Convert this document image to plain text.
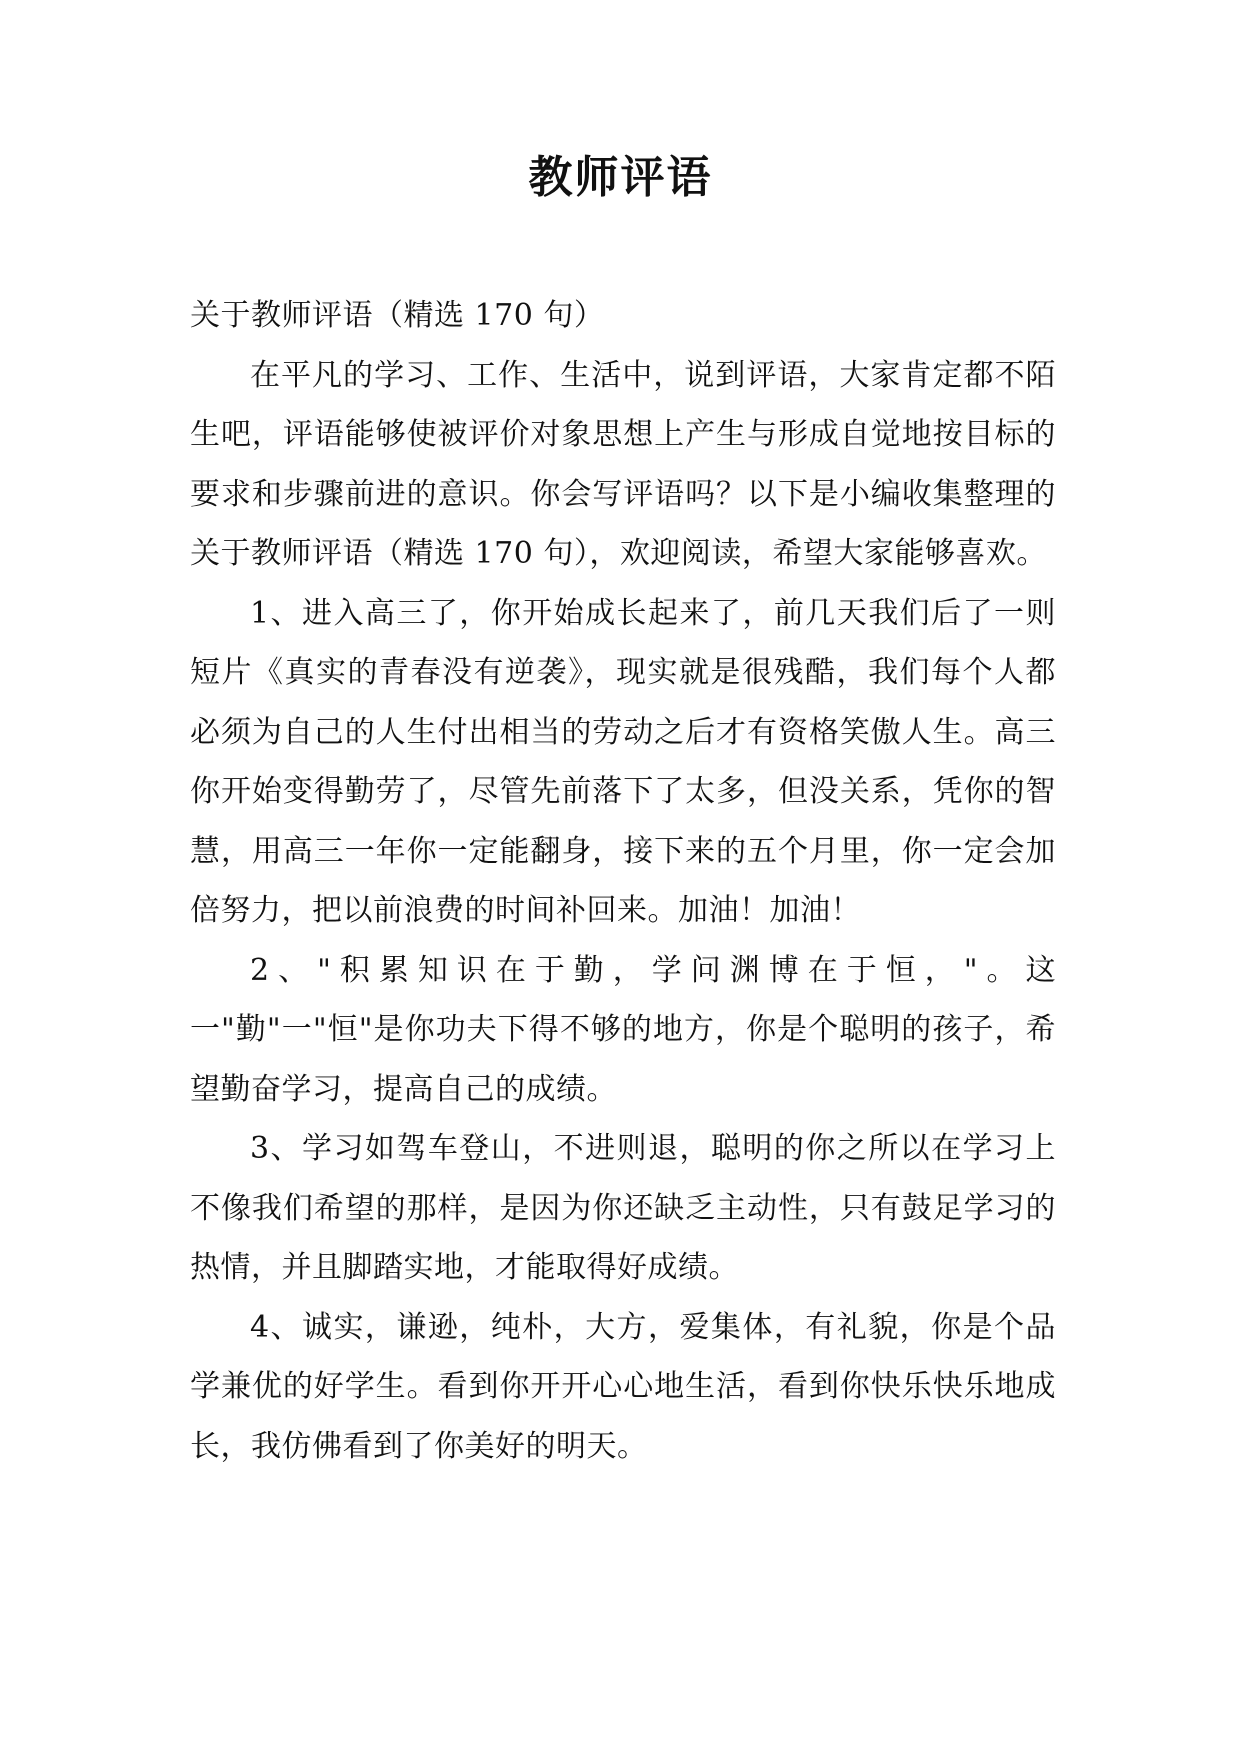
教师评语

关于教师评语（精选 170 句）

在平凡的学习、工作、生活中，说到评语，大家肯定都不陌生吧，评语能够使被评价对象思想上产生与形成自觉地按目标的要求和步骤前进的意识。你会写评语吗？以下是小编收集整理的关于教师评语（精选 170 句），欢迎阅读，希望大家能够喜欢。

1、进入高三了，你开始成长起来了，前几天我们后了一则短片《真实的青春没有逆袭》，现实就是很残酷，我们每个人都必须为自己的人生付出相当的劳动之后才有资格笑傲人生。高三你开始变得勤劳了，尽管先前落下了太多，但没关系，凭你的智慧，用高三一年你一定能翻身，接下来的五个月里，你一定会加倍努力，把以前浪费的时间补回来。加油！加油！

2、"积累知识在于勤，学问渊博在于恒，"。这一"勤"一"恒"是你功夫下得不够的地方，你是个聪明的孩子，希望勤奋学习，提高自己的成绩。

3、学习如驾车登山，不进则退，聪明的你之所以在学习上不像我们希望的那样，是因为你还缺乏主动性，只有鼓足学习的热情，并且脚踏实地，才能取得好成绩。

4、诚实，谦逊，纯朴，大方，爱集体，有礼貌，你是个品学兼优的好学生。看到你开开心心地生活，看到你快乐快乐地成长，我仿佛看到了你美好的明天。
